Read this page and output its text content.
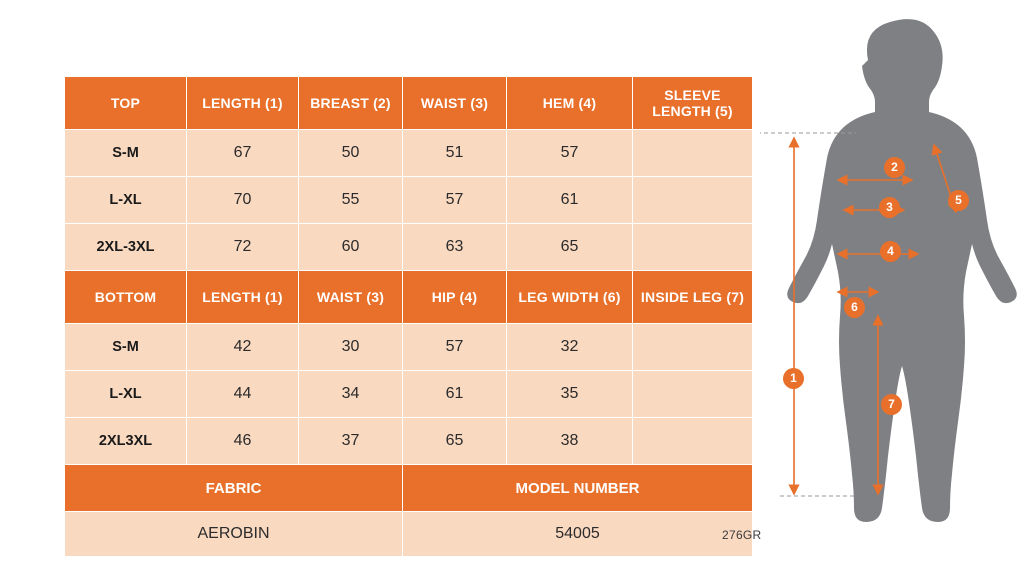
TOP	LENGTH (1)	BREAST (2)	WAIST (3)	HEM (4)	SLEEVE LENGTH (5)
S-M	67	50	51	57	
L-XL	70	55	57	61	
2XL-3XL	72	60	63	65	
BOTTOM	LENGTH (1)	WAIST (3)	HIP (4)	LEG WIDTH (6)	INSIDE LEG (7)
S-M	42	30	57	32	
L-XL	44	34	61	35	
2XL3XL	46	37	65	38	
FABRIC			MODEL NUMBER		
AEROBIN			54005			276GR
1
2
3
4
5
6
7
